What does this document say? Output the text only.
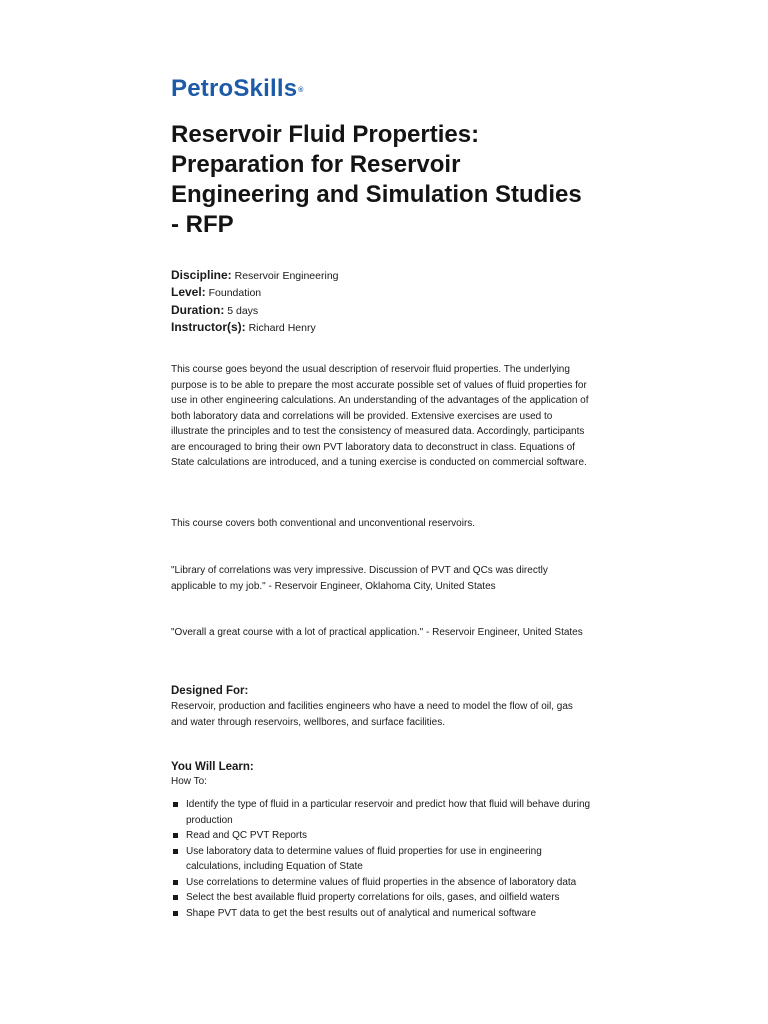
PetroSkills®
Reservoir Fluid Properties: Preparation for Reservoir Engineering and Simulation Studies - RFP
Discipline: Reservoir Engineering
Level: Foundation
Duration: 5 days
Instructor(s): Richard Henry

This course goes beyond the usual description of reservoir fluid properties. The underlying purpose is to be able to prepare the most accurate possible set of values of fluid properties for use in other engineering calculations. An understanding of the advantages of the application of both laboratory data and correlations will be provided. Extensive exercises are used to illustrate the principles and to test the consistency of measured data. Accordingly, participants are encouraged to bring their own PVT laboratory data to deconstruct in class. Equations of State calculations are introduced, and a tuning exercise is conducted on commercial software.

This course covers both conventional and unconventional reservoirs.

"Library of correlations was very impressive. Discussion of PVT and QCs was directly applicable to my job." - Reservoir Engineer, Oklahoma City, United States

"Overall a great course with a lot of practical application." - Reservoir Engineer, United States

Designed For:

Reservoir, production and facilities engineers who have a need to model the flow of oil, gas and water through reservoirs, wellbores, and surface facilities.

You Will Learn:

How To:

Identify the type of fluid in a particular reservoir and predict how that fluid will behave during production
Read and QC PVT Reports
Use laboratory data to determine values of fluid properties for use in engineering calculations, including Equation of State
Use correlations to determine values of fluid properties in the absence of laboratory data
Select the best available fluid property correlations for oils, gases, and oilfield waters
Shape PVT data to get the best results out of analytical and numerical software
